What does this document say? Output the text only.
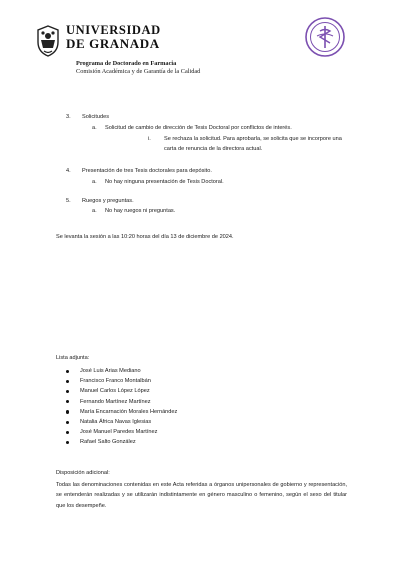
UNIVERSIDAD
DE GRANADA
Programa de Doctorado en Farmacia
Comisión Académica y de Garantía de la Calidad
3. Solicitudes
a. Solicitud de cambio de dirección de Tesis Doctoral por conflictos de interés.
i. Se rechaza la solicitud. Para aprobarla, se solicita que se incorpore una
carta de renuncia de la directora actual.
4. Presentación de tres Tesis doctorales para depósito.
a. No hay ninguna presentación de Tesis Doctoral.
5. Ruegos y preguntas.
a. No hay ruegos ni preguntas.
Se levanta la sesión a las 10:20 horas del día 13 de diciembre de 2024.
Lista adjunta:
José Luis Arias Mediano
Francisco Franco Montalbán
Manuel Carlos López López
Fernando Martínez Martínez
María Encarnación Morales Hernández
Natalia África Navas Iglesias
José Manuel Paredes Martínez
Rafael Salto González
Disposición adicional:
Todas las denominaciones contenidas en este Acta referidas a órganos unipersonales de gobierno y representación, se entenderán realizadas y se utilizarán indistintamente en género masculino o femenino, según el sexo del titular que los desempeñe.
